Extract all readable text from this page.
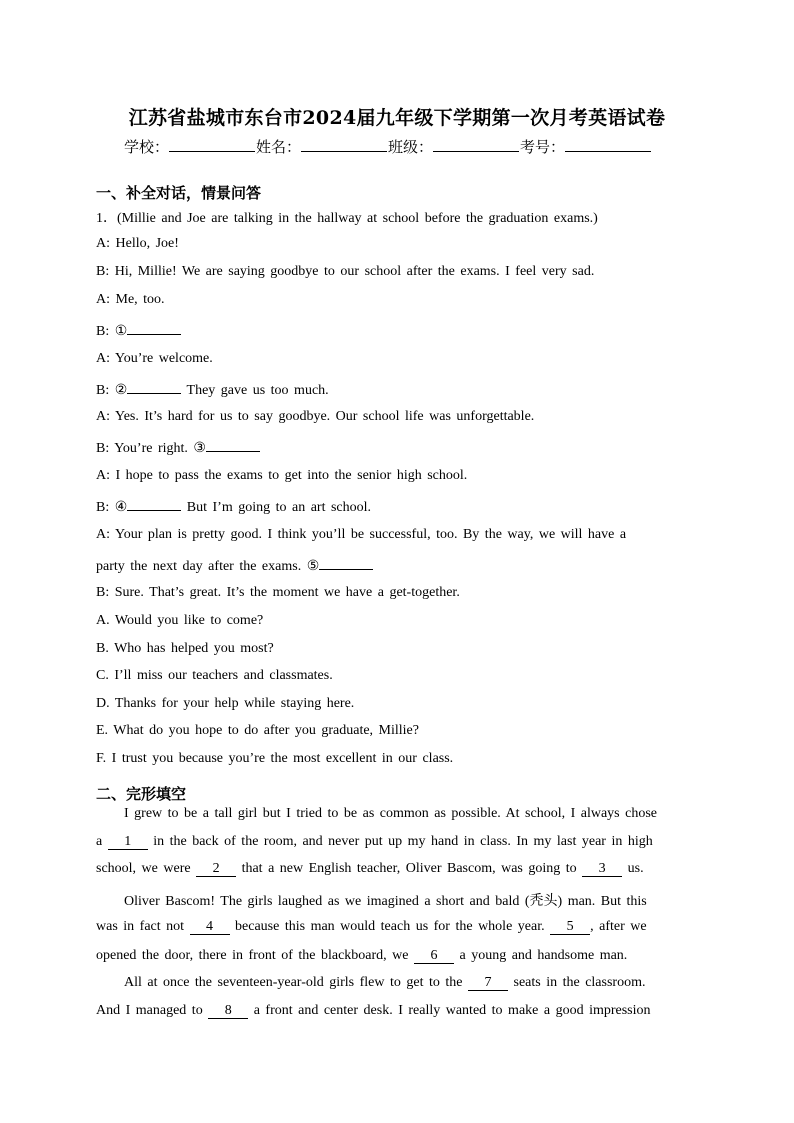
江苏省盐城市东台市2024届九年级下学期第一次月考英语试卷
学校：	姓名：	班级：	考号：
一、补全对话，情景问答
1．(Millie and Joe are talking in the hallway at school before the graduation exams.)
A: Hello, Joe!
B: Hi, Millie! We are saying goodbye to our school after the exams. I feel very sad.
A: Me, too.
B: ①
A: You’re welcome.
B: ②	They gave us too much.
A: Yes. It’s hard for us to say goodbye. Our school life was unforgettable.
B: You’re right. ③
A: I hope to pass the exams to get into the senior high school.
B: ④	But I’m going to an art school.
A: Your plan is pretty good. I think you’ll be successful, too. By the way, we will have a
party the next day after the exams. ⑤
B: Sure. That’s great. It’s the moment we have a get-together.
A. Would you like to come?
B. Who has helped you most?
C. I’ll miss our teachers and classmates.
D. Thanks for your help while staying here.
E. What do you hope to do after you graduate, Millie?
F. I trust you because you’re the most excellent in our class.
二、完形填空
I grew to be a tall girl but I tried to be as common as possible. At school, I always chose
a 1 in the back of the room, and never put up my hand in class. In my last year in high
school, we were 2 that a new English teacher, Oliver Bascom, was going to 3 us.
Oliver Bascom! The girls laughed as we imagined a short and bald (秃头) man. But this
was in fact not 4 because this man would teach us for the whole year. 5 , after we
opened the door, there in front of the blackboard, we 6 a young and handsome man.
All at once the seventeen-year-old girls flew to get to the 7 seats in the classroom.
And I managed to 8 a front and center desk. I really wanted to make a good impression
